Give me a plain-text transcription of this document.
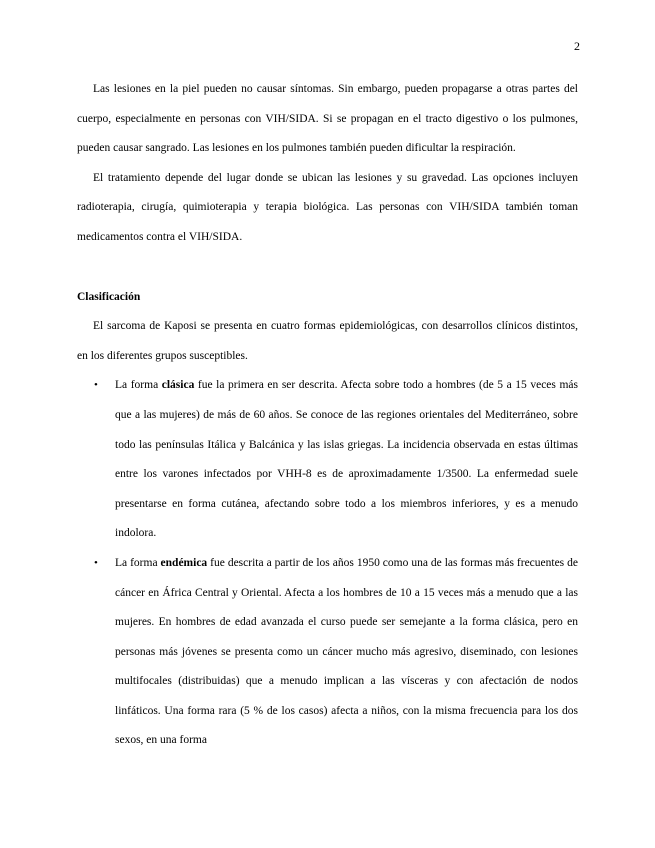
2

Las lesiones en la piel pueden no causar síntomas. Sin embargo, pueden propagarse a otras partes del cuerpo, especialmente en personas con VIH/SIDA. Si se propagan en el tracto digestivo o los pulmones, pueden causar sangrado. Las lesiones en los pulmones también pueden dificultar la respiración.

El tratamiento depende del lugar donde se ubican las lesiones y su gravedad. Las opciones incluyen radioterapia, cirugía, quimioterapia y terapia biológica. Las personas con VIH/SIDA también toman medicamentos contra el VIH/SIDA.

Clasificación

El sarcoma de Kaposi se presenta en cuatro formas epidemiológicas, con desarrollos clínicos distintos, en los diferentes grupos susceptibles.

• La forma clásica fue la primera en ser descrita. Afecta sobre todo a hombres (de 5 a 15 veces más que a las mujeres) de más de 60 años. Se conoce de las regiones orientales del Mediterráneo, sobre todo las penínsulas Itálica y Balcánica y las islas griegas. La incidencia observada en estas últimas entre los varones infectados por VHH-8 es de aproximadamente 1/3500. La enfermedad suele presentarse en forma cutánea, afectando sobre todo a los miembros inferiores, y es a menudo indolora.
• La forma endémica fue descrita a partir de los años 1950 como una de las formas más frecuentes de cáncer en África Central y Oriental. Afecta a los hombres de 10 a 15 veces más a menudo que a las mujeres. En hombres de edad avanzada el curso puede ser semejante a la forma clásica, pero en personas más jóvenes se presenta como un cáncer mucho más agresivo, diseminado, con lesiones multifocales (distribuidas) que a menudo implican a las vísceras y con afectación de nodos linfáticos. Una forma rara (5 % de los casos) afecta a niños, con la misma frecuencia para los dos sexos, en una forma
